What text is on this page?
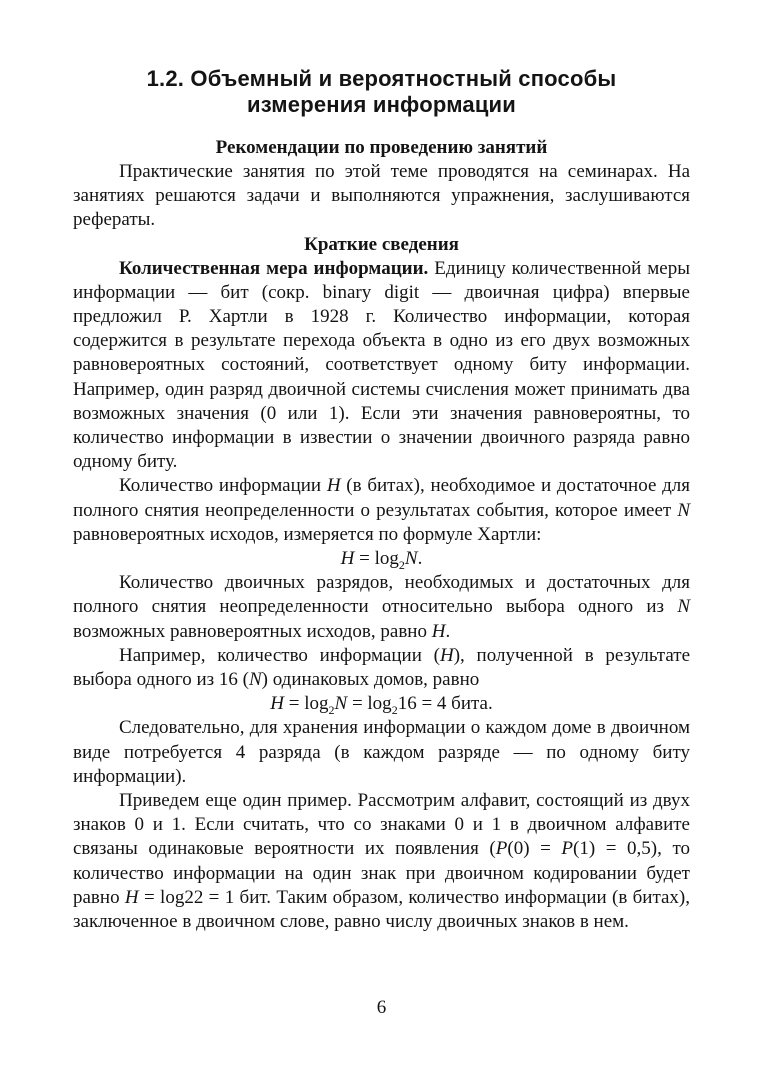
1.2. Объемный и вероятностный способы
измерения информации
Рекомендации по проведению занятий

Практические занятия по этой теме проводятся на семинарах. На занятиях решаются задачи и выполняются упражнения, заслушиваются рефераты.

Краткие сведения

Количественная мера информации. Единицу количественной меры информации — бит (сокр. binary digit — двоичная цифра) впервые предложил Р. Хартли в 1928 г. Количество информации, которая содержится в результате перехода объекта в одно из его двух возможных равновероятных состояний, соответствует одному биту информации. Например, один разряд двоичной системы счисления может принимать два возможных значения (0 или 1). Если эти значения равновероятны, то количество информации в известии о значении двоичного разряда равно одному биту.

Количество информации H (в битах), необходимое и достаточное для полного снятия неопределенности о результатах события, которое имеет N равновероятных исходов, измеряется по формуле Хартли:

$H = \log_2N$.

Количество двоичных разрядов, необходимых и достаточных для полного снятия неопределенности относительно выбора одного из N возможных равновероятных исходов, равно H.

Например, количество информации (H), полученной в результате выбора одного из 16 (N) одинаковых домов, равно

$H = \log_2N = \log_216 = 4$ бита.

Следовательно, для хранения информации о каждом доме в двоичном виде потребуется 4 разряда (в каждом разряде — по одному биту информации).

Приведем еще один пример. Рассмотрим алфавит, состоящий из двух знаков 0 и 1. Если считать, что со знаками 0 и 1 в двоичном алфавите связаны одинаковые вероятности их появления (P(0) = P(1) = 0,5), то количество информации на один знак при двоичном кодировании будет равно H = log22 = 1 бит. Таким образом, количество информации (в битах), заключенное в двоичном слове, равно числу двоичных знаков в нем.

6
